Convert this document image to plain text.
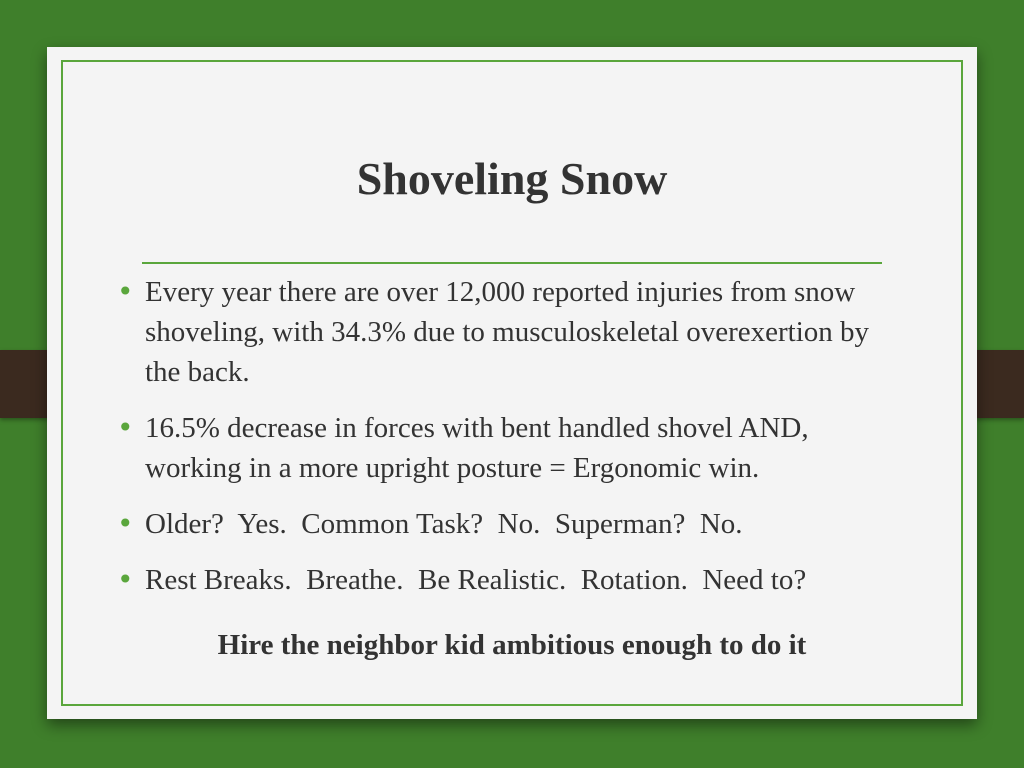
Shoveling Snow
• Every year there are over 12,000 reported injuries from snow shoveling, with 34.3% due to musculoskeletal overexertion by the back.
• 16.5% decrease in forces with bent handled shovel AND, working in a more upright posture = Ergonomic win.
• Older?  Yes.  Common Task?  No.  Superman?  No.
• Rest Breaks.  Breathe.  Be Realistic.  Rotation.  Need to?
Hire the neighbor kid ambitious enough to do it
